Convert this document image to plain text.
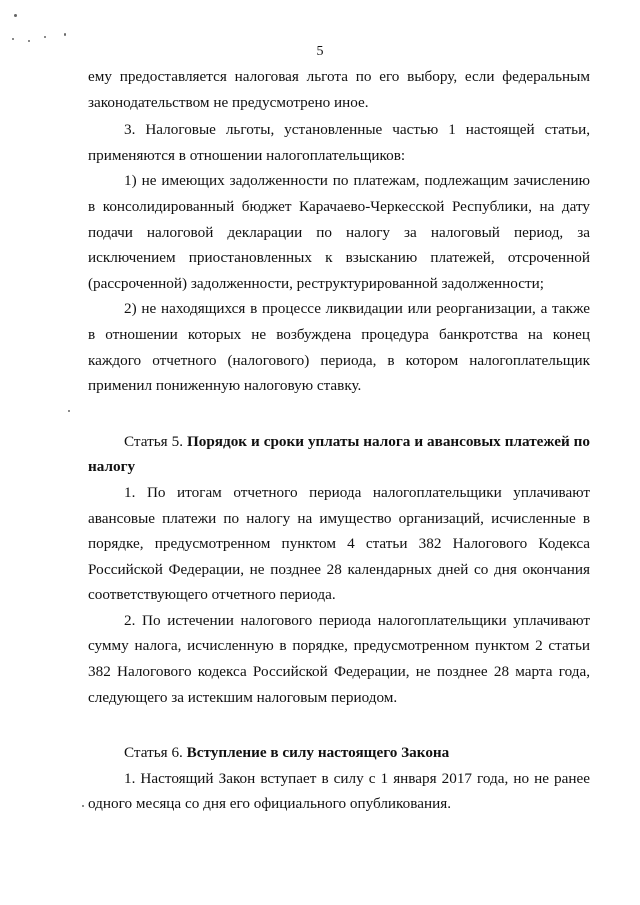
5

ему предоставляется налоговая льгота по его выбору, если федеральным законодательством не предусмотрено иное.

3. Налоговые льготы, установленные частью 1 настоящей статьи, применяются в отношении налогоплательщиков:

1) не имеющих задолженности по платежам, подлежащим зачислению в консолидированный бюджет Карачаево-Черкесской Республики, на дату подачи налоговой декларации по налогу за налоговый период, за исключением приостановленных к взысканию платежей, отсроченной (рассроченной) задолженности, реструктурированной задолженности;

2) не находящихся в процессе ликвидации или реорганизации, а также в отношении которых не возбуждена процедура банкротства на конец каждого отчетного (налогового) периода, в котором налогоплательщик применил пониженную налоговую ставку.

Статья 5. Порядок и сроки уплаты налога и авансовых платежей по налогу

1. По итогам отчетного периода налогоплательщики уплачивают авансовые платежи по налогу на имущество организаций, исчисленные в порядке, предусмотренном пунктом 4 статьи 382 Налогового Кодекса Российской Федерации, не позднее 28 календарных дней со дня окончания соответствующего отчетного периода.

2. По истечении налогового периода налогоплательщики уплачивают сумму налога, исчисленную в порядке, предусмотренном пунктом 2 статьи 382 Налогового кодекса Российской Федерации, не позднее 28 марта года, следующего за истекшим налоговым периодом.

Статья 6. Вступление в силу настоящего Закона

1. Настоящий Закон вступает в силу с 1 января 2017 года, но не ранее одного месяца со дня его официального опубликования.
